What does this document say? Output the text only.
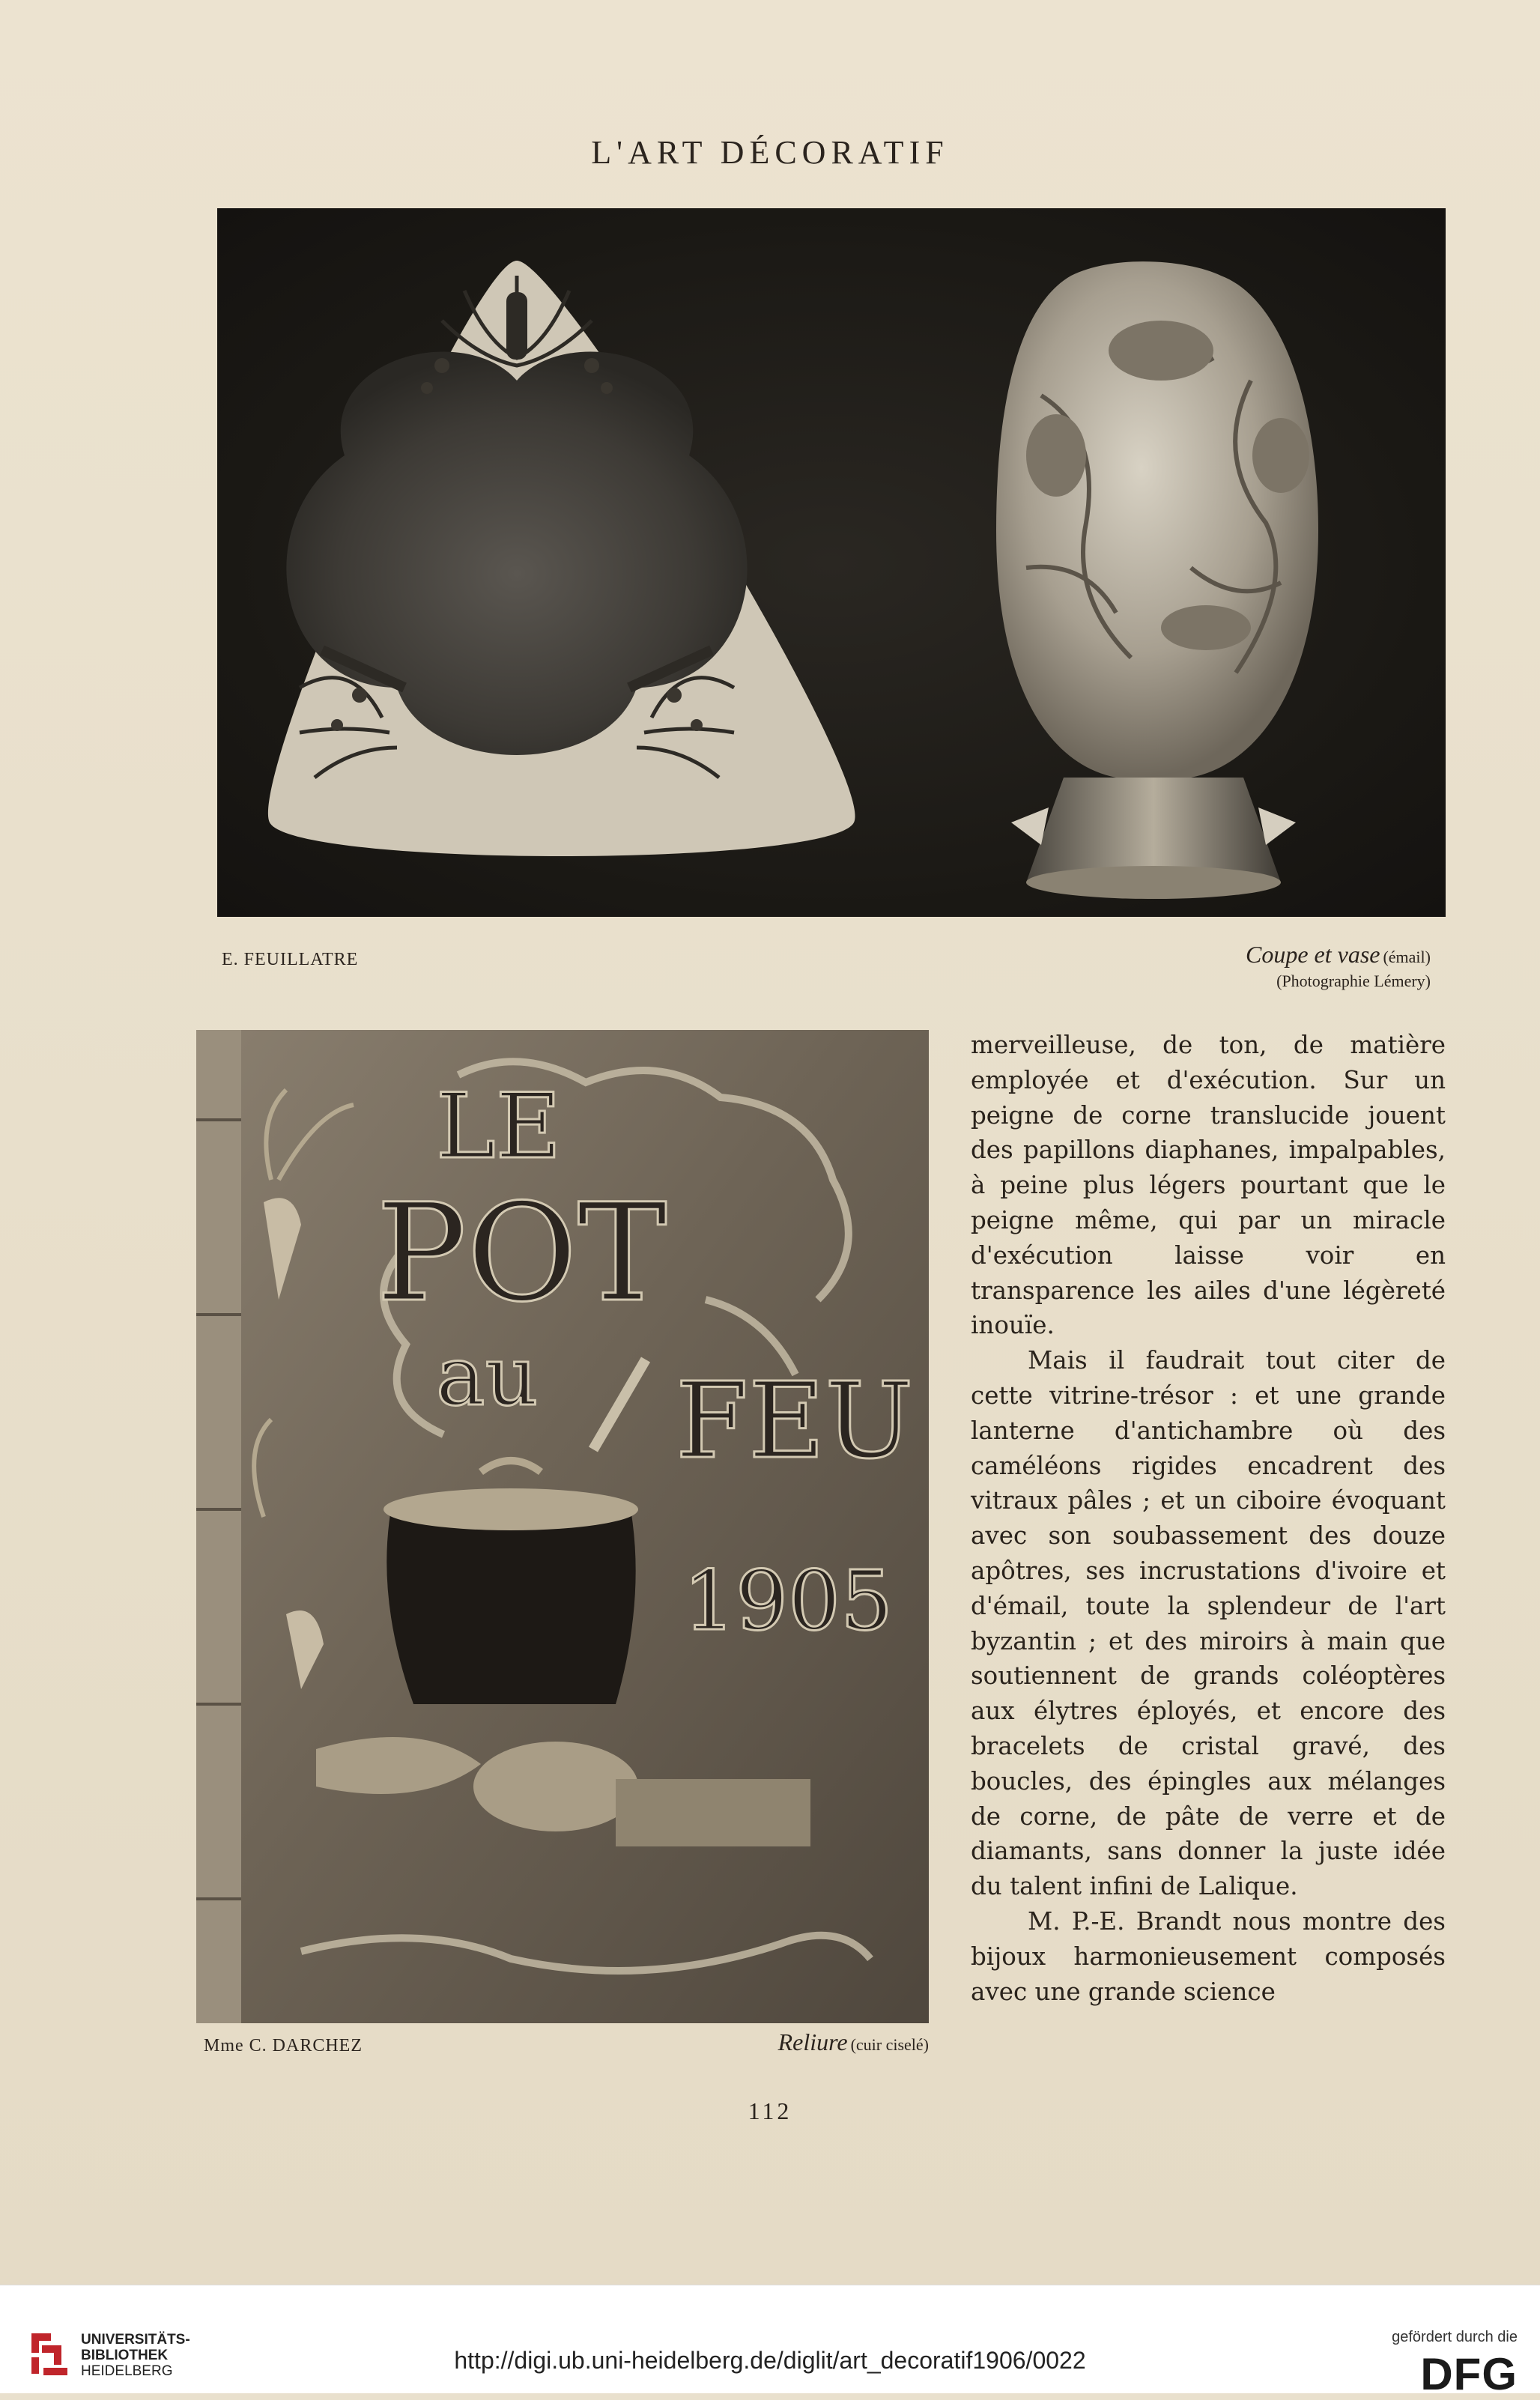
L'ART DÉCORATIF
E. FEUILLATRE	Coupe et vase (émail)
(Photographie Lémery)
LE
POT
au FEU
1905
Mme C. DARCHEZ	Reliure (cuir ciselé)

merveilleuse, de ton, de matière employée et d'exécution. Sur un peigne de corne translucide jouent des papillons diaphanes, impalpables, à peine plus légers pourtant que le peigne même, qui par un miracle d'exécution laisse voir en transparence les ailes d'une légèreté inouïe.

Mais il faudrait tout citer de cette vitrine-trésor : et une grande lanterne d'antichambre où des caméléons rigides encadrent des vitraux pâles ; et un ciboire évoquant avec son soubassement des douze apôtres, ses incrustations d'ivoire et d'émail, toute la splendeur de l'art byzantin ; et des miroirs à main que soutiennent de grands coléoptères aux élytres éployés, et encore des bracelets de cristal gravé, des boucles, des épingles aux mélanges de corne, de pâte de verre et de diamants, sans donner la juste idée du talent infini de Lalique.

M. P.-E. Brandt nous montre des bijoux harmonieusement composés avec une grande science

112
UNIVERSITÄTS-
BIBLIOTHEK
HEIDELBERG	http://digi.ub.uni-heidelberg.de/diglit/art_decoratif1906/0022
gefördert durch die
DFG
